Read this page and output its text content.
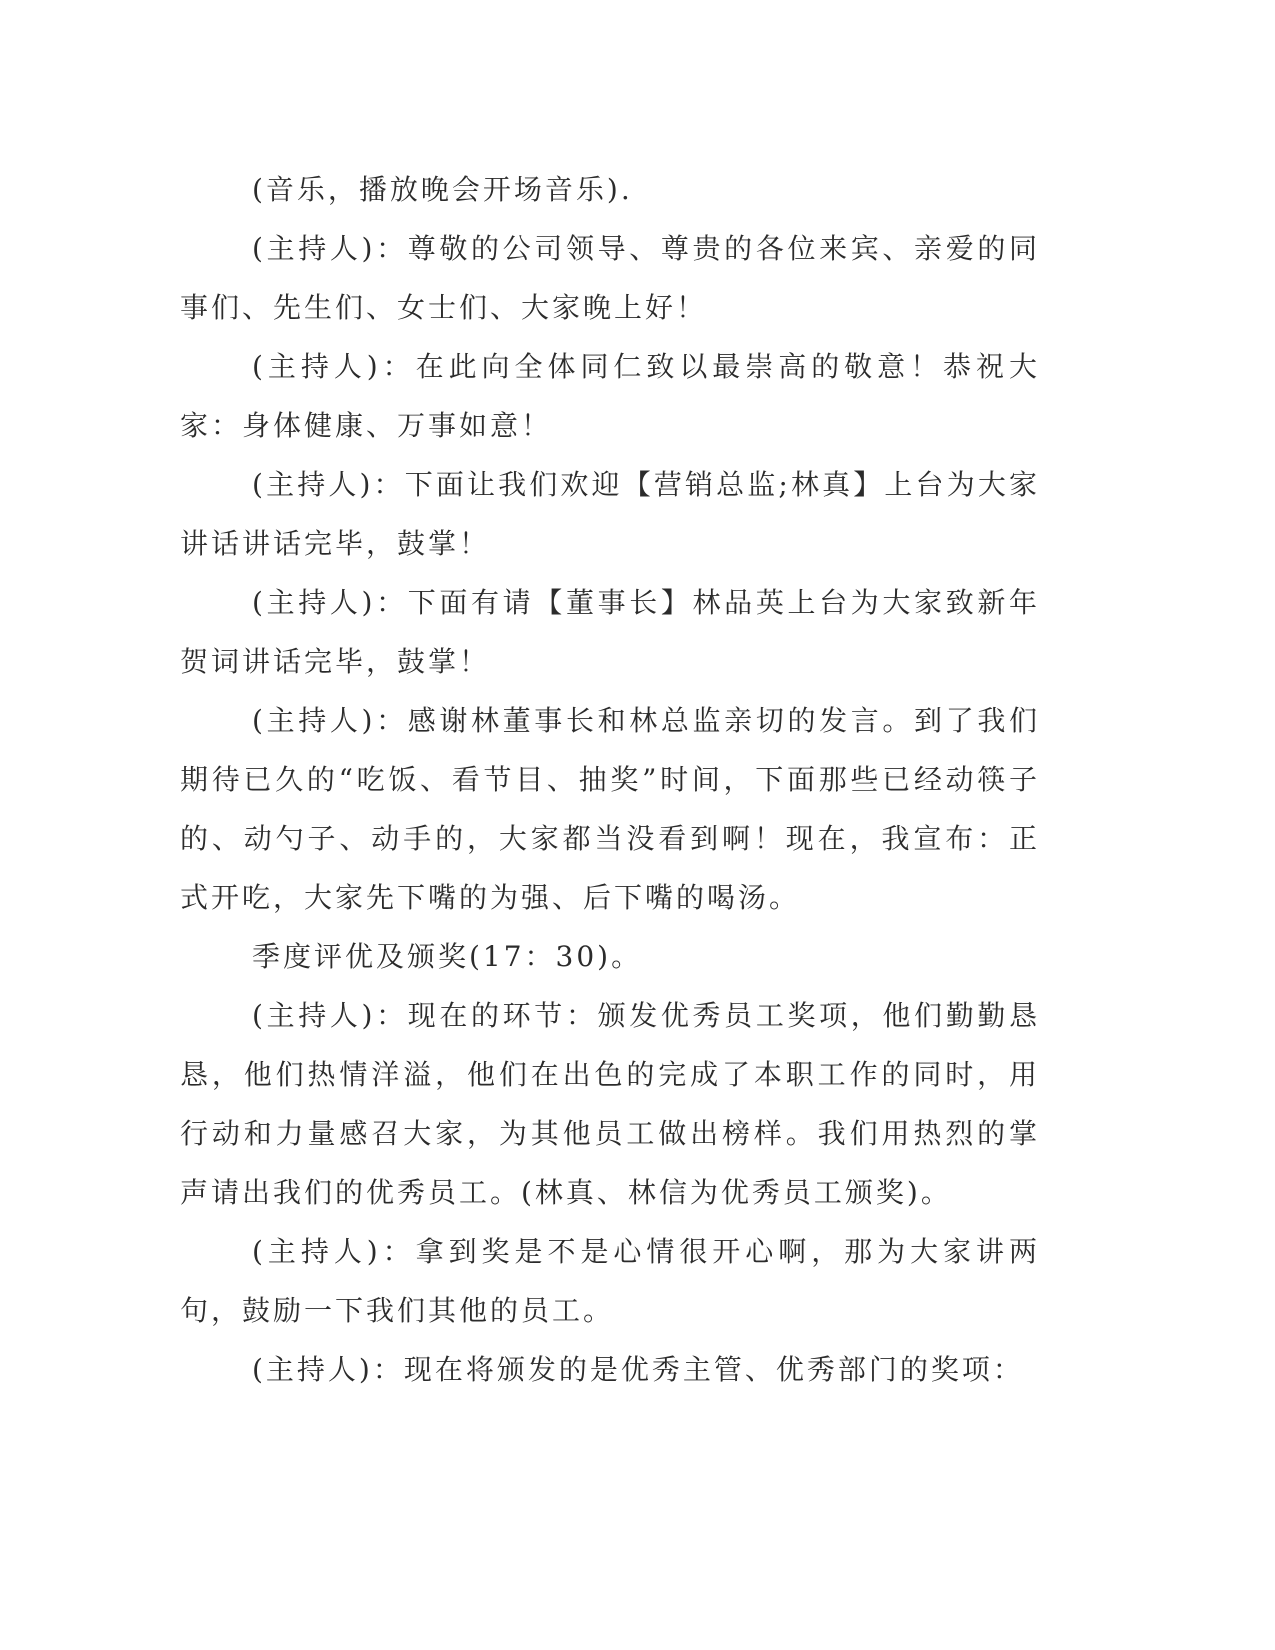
(音乐，播放晚会开场音乐).

(主持人)：尊敬的公司领导、尊贵的各位来宾、亲爱的同事们、先生们、女士们、大家晚上好！

(主持人)：在此向全体同仁致以最崇高的敬意！恭祝大家：身体健康、万事如意！

(主持人)：下面让我们欢迎【营销总监;林真】上台为大家讲话讲话完毕，鼓掌！

(主持人)：下面有请【董事长】林品英上台为大家致新年贺词讲话完毕，鼓掌！

(主持人)：感谢林董事长和林总监亲切的发言。到了我们期待已久的“吃饭、看节目、抽奖”时间，下面那些已经动筷子的、动勺子、动手的，大家都当没看到啊！现在，我宣布：正式开吃，大家先下嘴的为强、后下嘴的喝汤。

季度评优及颁奖(17：30)。

(主持人)：现在的环节：颁发优秀员工奖项，他们勤勤恳恳，他们热情洋溢，他们在出色的完成了本职工作的同时，用行动和力量感召大家，为其他员工做出榜样。我们用热烈的掌声请出我们的优秀员工。(林真、林信为优秀员工颁奖)。

(主持人)：拿到奖是不是心情很开心啊，那为大家讲两句，鼓励一下我们其他的员工。

(主持人)：现在将颁发的是优秀主管、优秀部门的奖项：
